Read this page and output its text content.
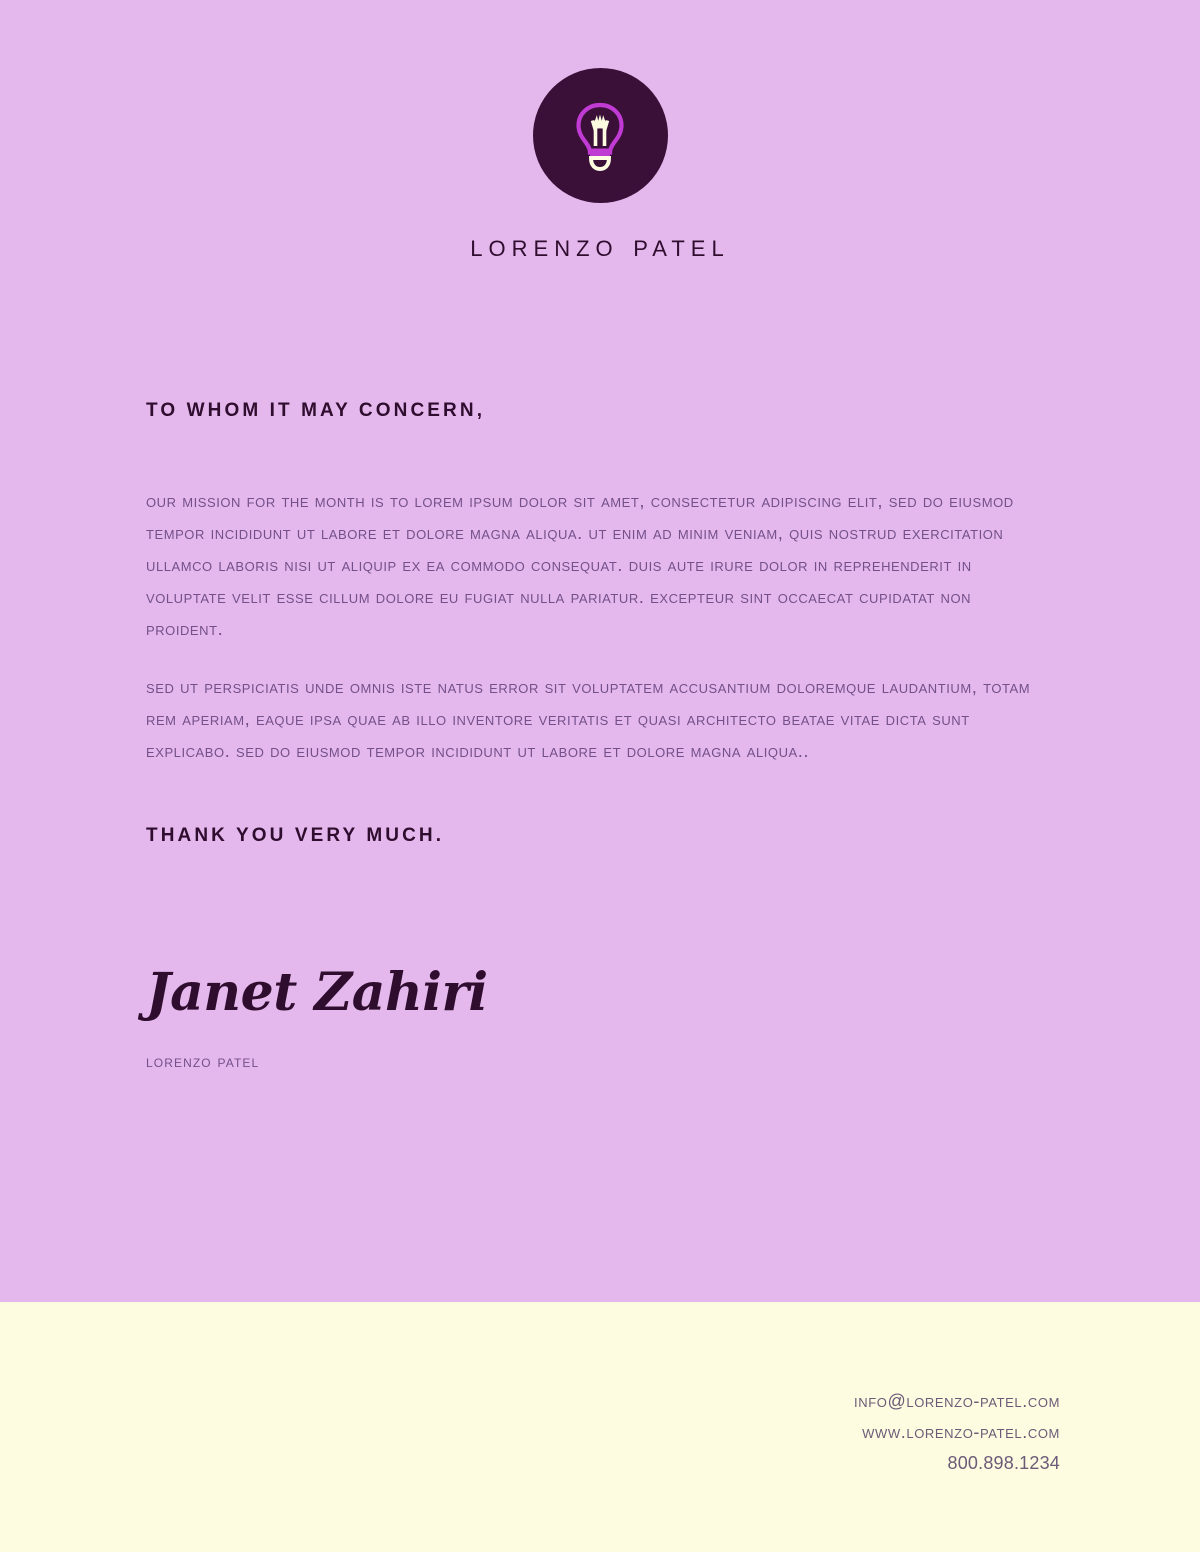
lorenzo patel

TO WHOM IT MAY CONCERN,

our mission for the month is to lorem ipsum dolor sit amet, consectetur adipiscing elit, sed do eiusmod tempor incididunt ut labore et dolore magna aliqua. ut enim ad minim veniam, quis nostrud exercitation ullamco laboris nisi ut aliquip ex ea commodo consequat. duis aute irure dolor in reprehenderit in voluptate velit esse cillum dolore eu fugiat nulla pariatur. excepteur sint occaecat cupidatat non proident.

sed ut perspiciatis unde omnis iste natus error sit voluptatem accusantium doloremque laudantium, totam rem aperiam, eaque ipsa quae ab illo inventore veritatis et quasi architecto beatae vitae dicta sunt explicabo. sed do eiusmod tempor incididunt ut labore et dolore magna aliqua..

THANK YOU VERY MUCH.

Janet Zahiri

lorenzo patel

info@lorenzo-patel.com
www.lorenzo-patel.com
800.898.1234
